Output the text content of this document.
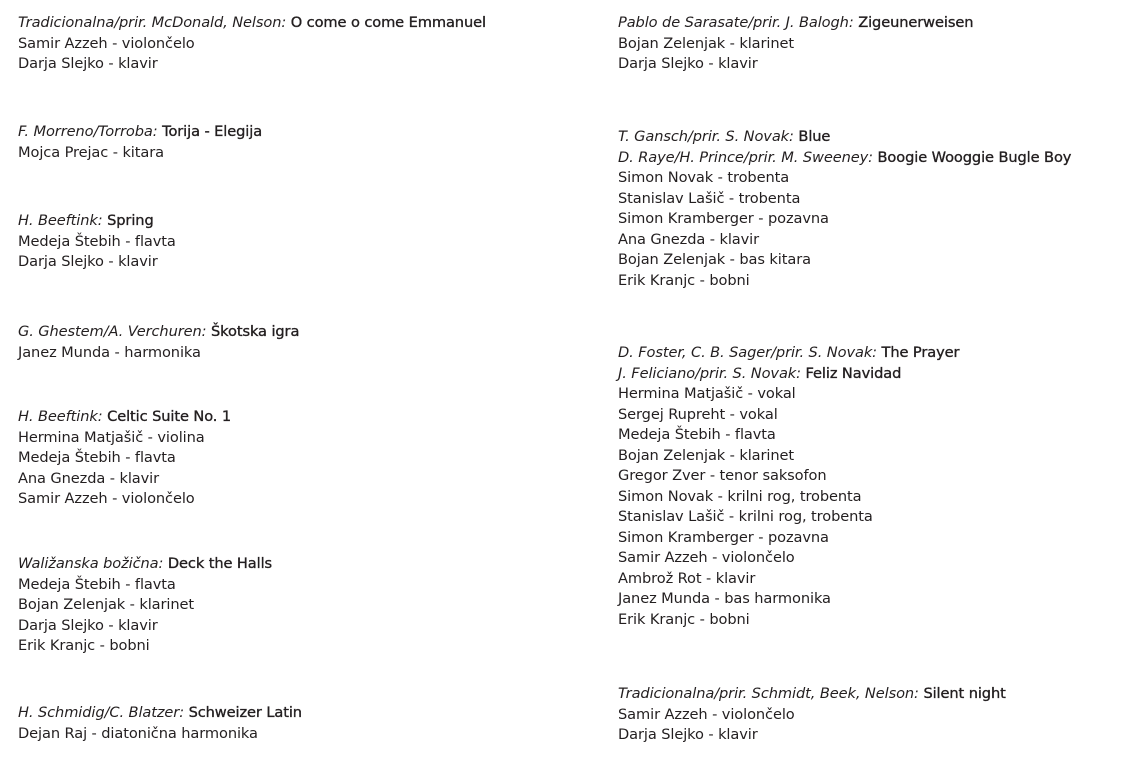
Tradicionalna/prir. McDonald, Nelson: O come o come Emmanuel
Samir Azzeh - violončelo
Darja Slejko - klavir
F. Morreno/Torroba: Torija - Elegija
Mojca Prejac - kitara
H. Beeftink: Spring
Medeja Štebih - flavta
Darja Slejko - klavir
G. Ghestem/A. Verchuren: Škotska igra
Janez Munda - harmonika
H. Beeftink: Celtic Suite No. 1
Hermina Matjašič - violina
Medeja Štebih - flavta
Ana Gnezda - klavir
Samir Azzeh - violončelo
Waližanska božična: Deck the Halls
Medeja Štebih - flavta
Bojan Zelenjak - klarinet
Darja Slejko - klavir
Erik Kranjc - bobni
H. Schmidig/C. Blatzer: Schweizer Latin
Dejan Raj - diatonična harmonika
Pablo de Sarasate/prir. J. Balogh: Zigeunerweisen
Bojan Zelenjak - klarinet
Darja Slejko - klavir
T. Gansch/prir. S. Novak: Blue
D. Raye/H. Prince/prir. M. Sweeney: Boogie Wooggie Bugle Boy
Simon Novak - trobenta
Stanislav Lašič - trobenta
Simon Kramberger - pozavna
Ana Gnezda - klavir
Bojan Zelenjak - bas kitara
Erik Kranjc - bobni
D. Foster, C. B. Sager/prir. S. Novak: The Prayer
J. Feliciano/prir. S. Novak: Feliz Navidad
Hermina Matjašič - vokal
Sergej Rupreht - vokal
Medeja Štebih - flavta
Bojan Zelenjak - klarinet
Gregor Zver - tenor saksofon
Simon Novak - krilni rog, trobenta
Stanislav Lašič - krilni rog, trobenta
Simon Kramberger - pozavna
Samir Azzeh - violončelo
Ambrož Rot - klavir
Janez Munda - bas harmonika
Erik Kranjc - bobni
Tradicionalna/prir. Schmidt, Beek, Nelson: Silent night
Samir Azzeh - violončelo
Darja Slejko - klavir
